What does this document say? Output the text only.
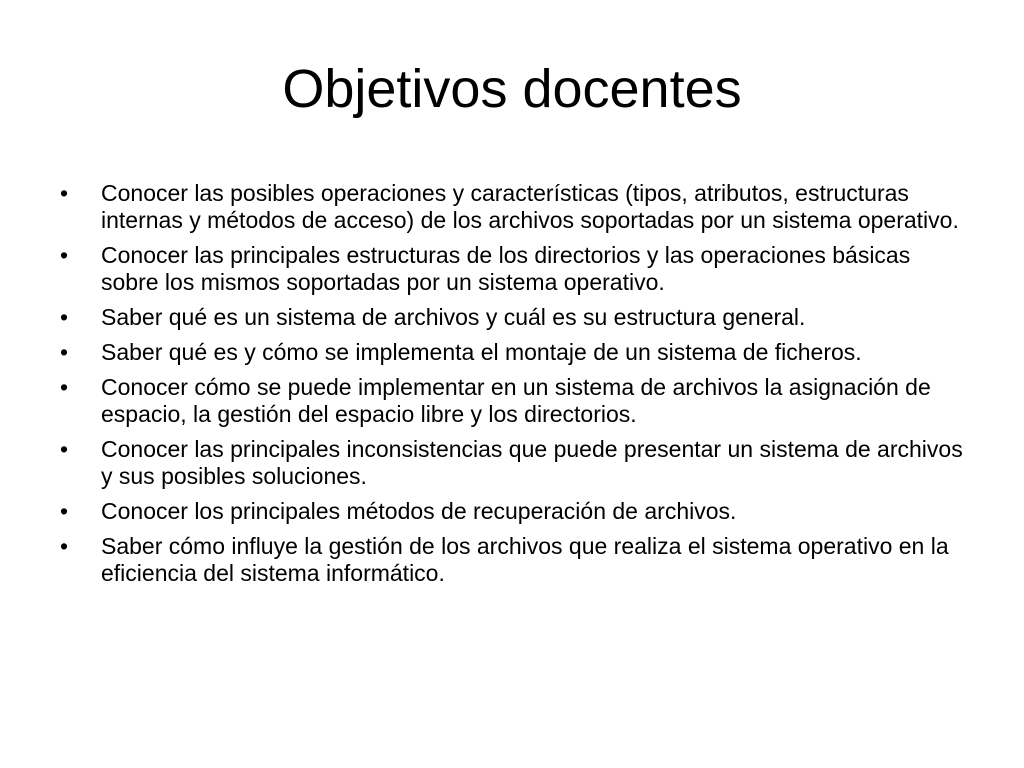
Objetivos docentes
•	Conocer las posibles operaciones y características (tipos, atributos, estructuras internas y métodos de acceso) de los archivos soportadas por un sistema operativo.
•	Conocer las principales estructuras de los directorios y las operaciones básicas sobre los mismos soportadas por un sistema operativo.
•	Saber qué es un sistema de archivos y cuál es su estructura general.
•	Saber qué es y cómo se implementa el montaje de un sistema de ficheros.
•	Conocer cómo se puede implementar en un sistema de archivos la asignación de espacio, la gestión del espacio libre y los directorios.
•	Conocer las principales inconsistencias que puede presentar un sistema de archivos y sus posibles soluciones.
•	Conocer los principales métodos de recuperación de archivos.
•	Saber cómo influye la gestión de los archivos que realiza el sistema operativo en la eficiencia del sistema informático.
